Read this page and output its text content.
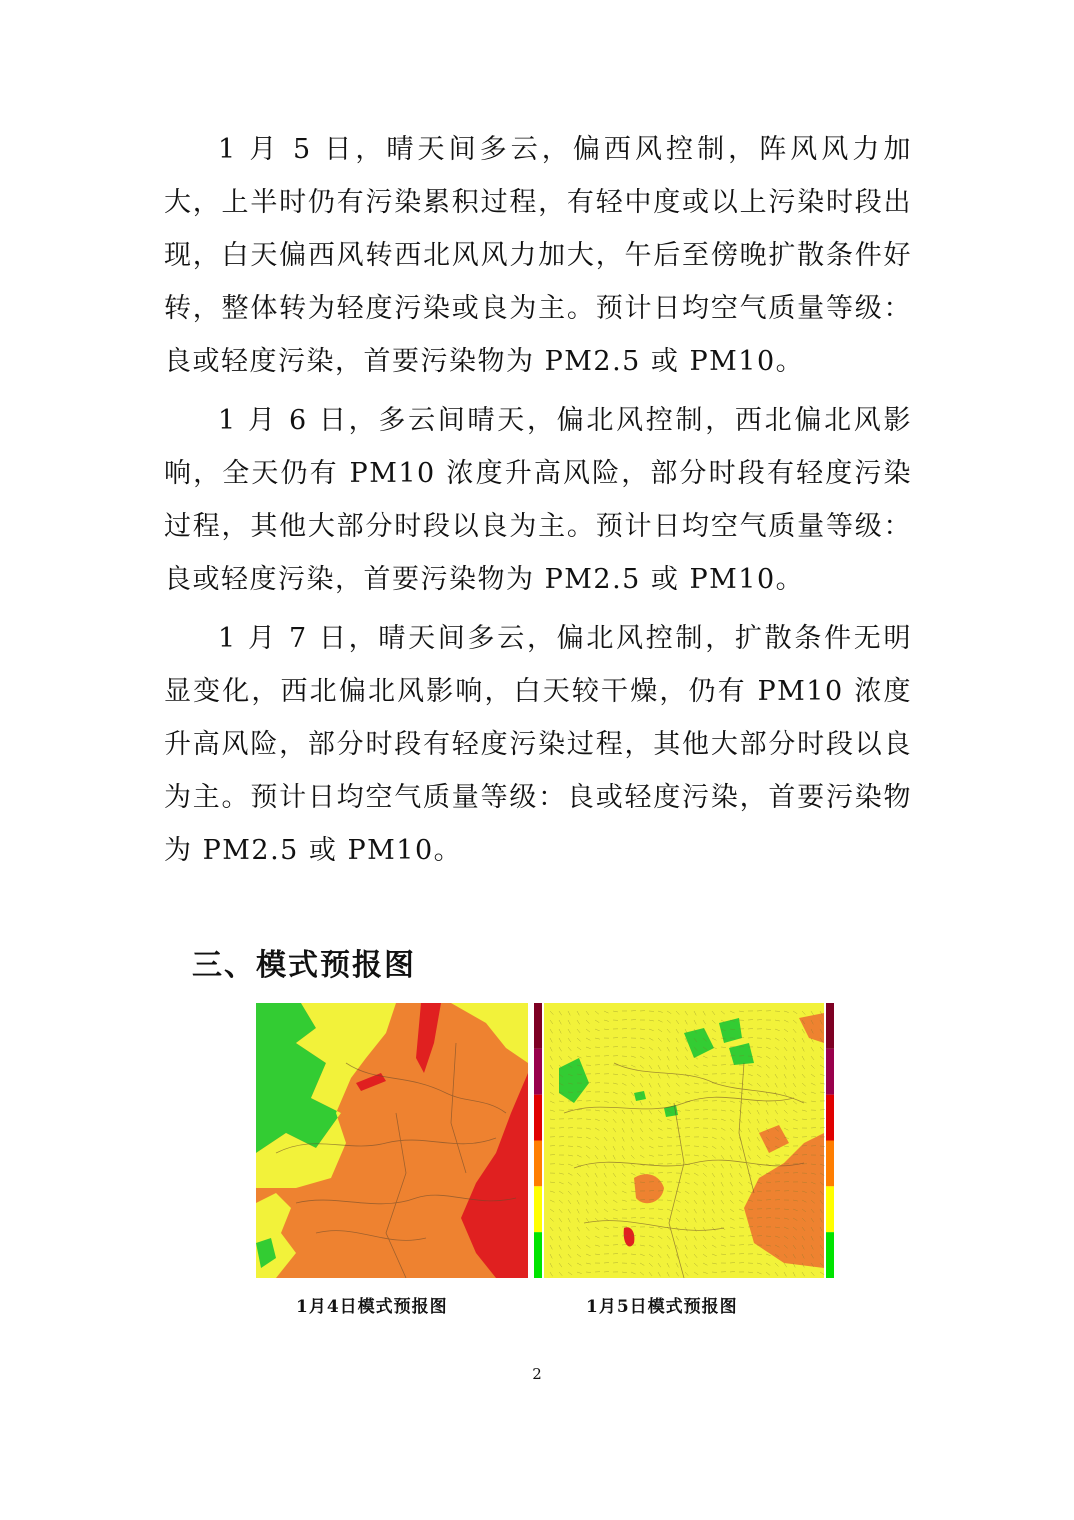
1 月 5 日，晴天间多云，偏西风控制，阵风风力加大，上半时仍有污染累积过程，有轻中度或以上污染时段出现，白天偏西风转西北风风力加大，午后至傍晚扩散条件好转，整体转为轻度污染或良为主。预计日均空气质量等级：良或轻度污染，首要污染物为 PM2.5 或 PM10。

1 月 6 日，多云间晴天，偏北风控制，西北偏北风影响，全天仍有 PM10 浓度升高风险，部分时段有轻度污染过程，其他大部分时段以良为主。预计日均空气质量等级：良或轻度污染，首要污染物为 PM2.5 或 PM10。

1 月 7 日，晴天间多云，偏北风控制，扩散条件无明显变化，西北偏北风影响，白天较干燥，仍有 PM10 浓度升高风险，部分时段有轻度污染过程，其他大部分时段以良为主。预计日均空气质量等级：良或轻度污染，首要污染物为 PM2.5 或 PM10。

三、模式预报图

1月4日模式预报图	1月5日模式预报图

2
